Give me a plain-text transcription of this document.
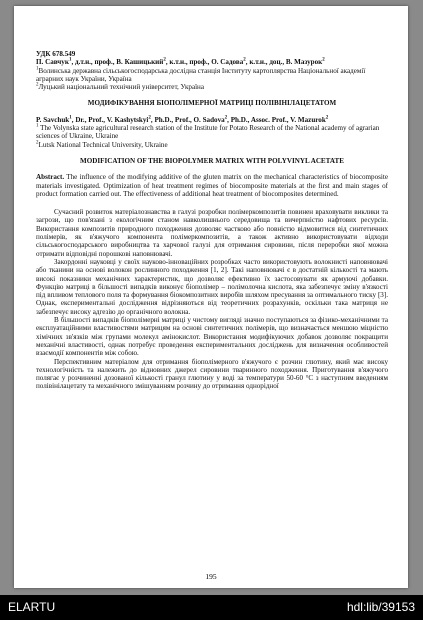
УДК 678.549

П. Савчук$^1$, д.т.н., проф., В. Кашицький$^2$, к.т.н., проф., О. Садова$^2$, к.т.н., доц., В. Мазурок$^2$

$^1$Волинська державна сільськогосподарська дослідна станція Інституту картоплярства Національної академії аграрних наук України, Україна

$^2$Луцький національний технічний університет, Україна

МОДИФІКУВАННЯ БІОПОЛІМЕРНОЇ МАТРИЦІ ПОЛІВІНІЛАЦЕТАТОМ

P. Savchuk$^1$, Dr., Prof., V. Kashytskyi$^2$, Ph.D., Prof., O. Sadova$^2$, Ph.D., Assoc. Prof., V. Mazurok$^2$

$^1$ The Volynska state agricultural research station of the Institute for Potato Research of the National academy of agrarian sciences of Ukraine, Ukraine

$^2$Lutsk National Technical University, Ukraine

MODIFICATION OF THE BIOPOLYMER MATRIX WITH POLYVINYL ACETATE

Abstract. The influence of the modifying additive of the gluten matrix on the mechanical characteristics of biocomposite materials investigated. Optimization of heat treatment regimes of biocomposite materials at the first and main stages of product formation carried out. The effectiveness of additional heat treatment of biocomposites determined.

Сучасний розвиток матеріалознавства в галузі розробки полімеркомпозитів повинен враховувати виклики та загрози, що пов'язані з екологічним станом навколишнього середовища та вичерпністю нафтових ресурсів. Використання композитів природного походження дозволяє частково або повністю відмовитися від синтетичних полімерів, як в'яжучого компонента полімеркомпозитів, а також активно використовувати відходи сільськогосподарського виробництва та харчової галузі для отримання сировини, після переробки якої можна отримати відповідні порошкові наповнювачі.

Закордонні науковці у своїх науково-інноваційних розробках часто використовують волокнисті наповнювачі або тканини на основі волокон рослинного походження [1, 2]. Такі наповнювачі є в достатній кількості та мають високі показники механічних характеристик, що дозволяє ефективно їх застосовувати як армуючі добавки. Функцію матриці в більшості випадків виконує біополімер – полімолочна кислота, яка забезпечує зміну в'язкості під впливом теплового поля та формування біокомпозитних виробів шляхом пресування за оптимального тиску [3]. Однак, експериментальні дослідження відрізняються від теоретичних розрахунків, оскільки така матриця не забезпечує високу адгезію до органічного волокна.

В більшості випадків біополімерні матриці у чистому вигляді значно поступаються за фізико-механічними та експлуатаційними властивостями матрицям на основі синтетичних полімерів, що визначається меншою міцністю хімічних зв'язків між групами молекул амінокислот. Використання модифікуючих добавок дозволяє покращити механічні властивості, однак потребує проведення експериментальних досліджень для визначення особливостей взаємодії компонентів між собою.

Перспективним матеріалом для отримання біополімерного в'яжучого є розчин глютину, який має високу технологічність та належить до відновних джерел сировини тваринного походження. Приготування в'яжучого полягає у розчиненні дозованої кількості гранул глютину у воді за температури 50-60 °С з наступним введенням полівінілацетату та механічного змішуванням розчину до отримання однорідної

195
ELARTU	hdl:lib/39153
